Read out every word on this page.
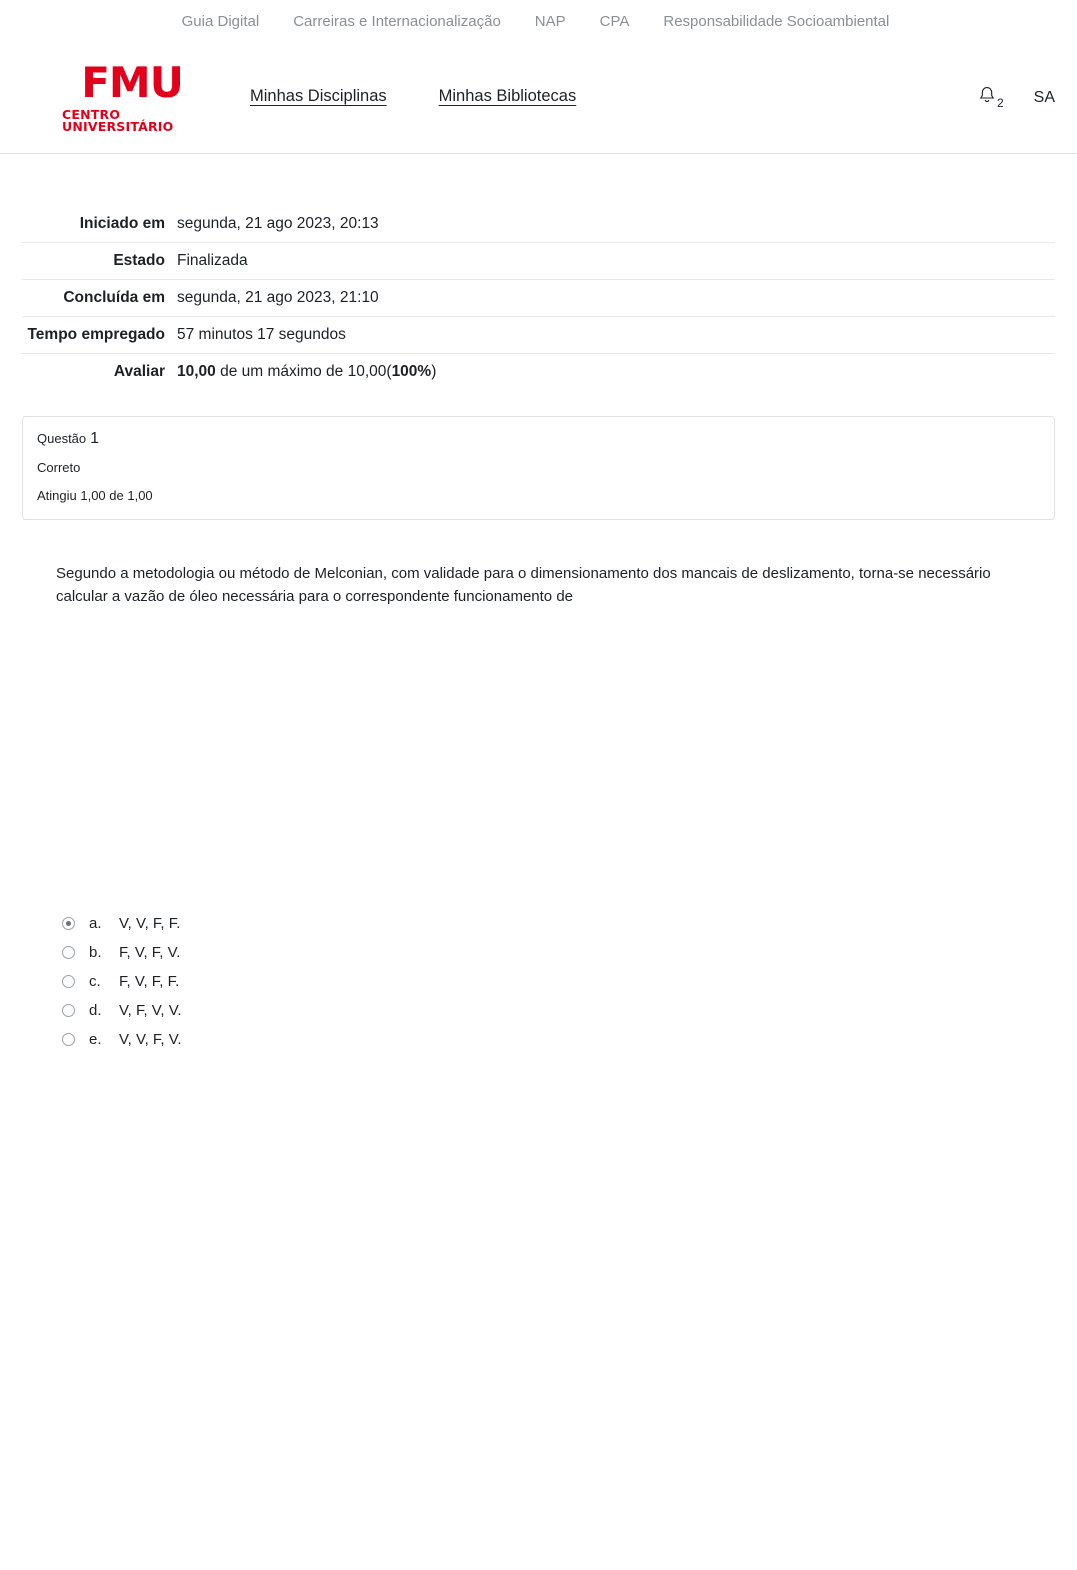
Guia Digital Carreiras e Internacionalização NAP CPA Responsabilidade Socioambiental
FMU
CENTRO UNIVERSITÁRIO
Minhas Disciplinas	Minhas Bibliotecas	2 SA
Iniciado em	segunda, 21 ago 2023, 20:13
Estado	Finalizada
Concluída em	segunda, 21 ago 2023, 21:10
Tempo empregado	57 minutos 17 segundos
Avaliar	10,00 de um máximo de 10,00(100%)
Questão 1
Correto
Atingiu 1,00 de 1,00
Segundo a metodologia ou método de Melconian, com validade para o dimensionamento dos mancais de deslizamento, torna-se necessário calcular a vazão de óleo necessária para o correspondente funcionamento de
a.	V, V, F, F.
b.	F, V, F, V.
c.	F, V, F, F.
d.	V, F, V, V.
e.	V, V, F, V.
